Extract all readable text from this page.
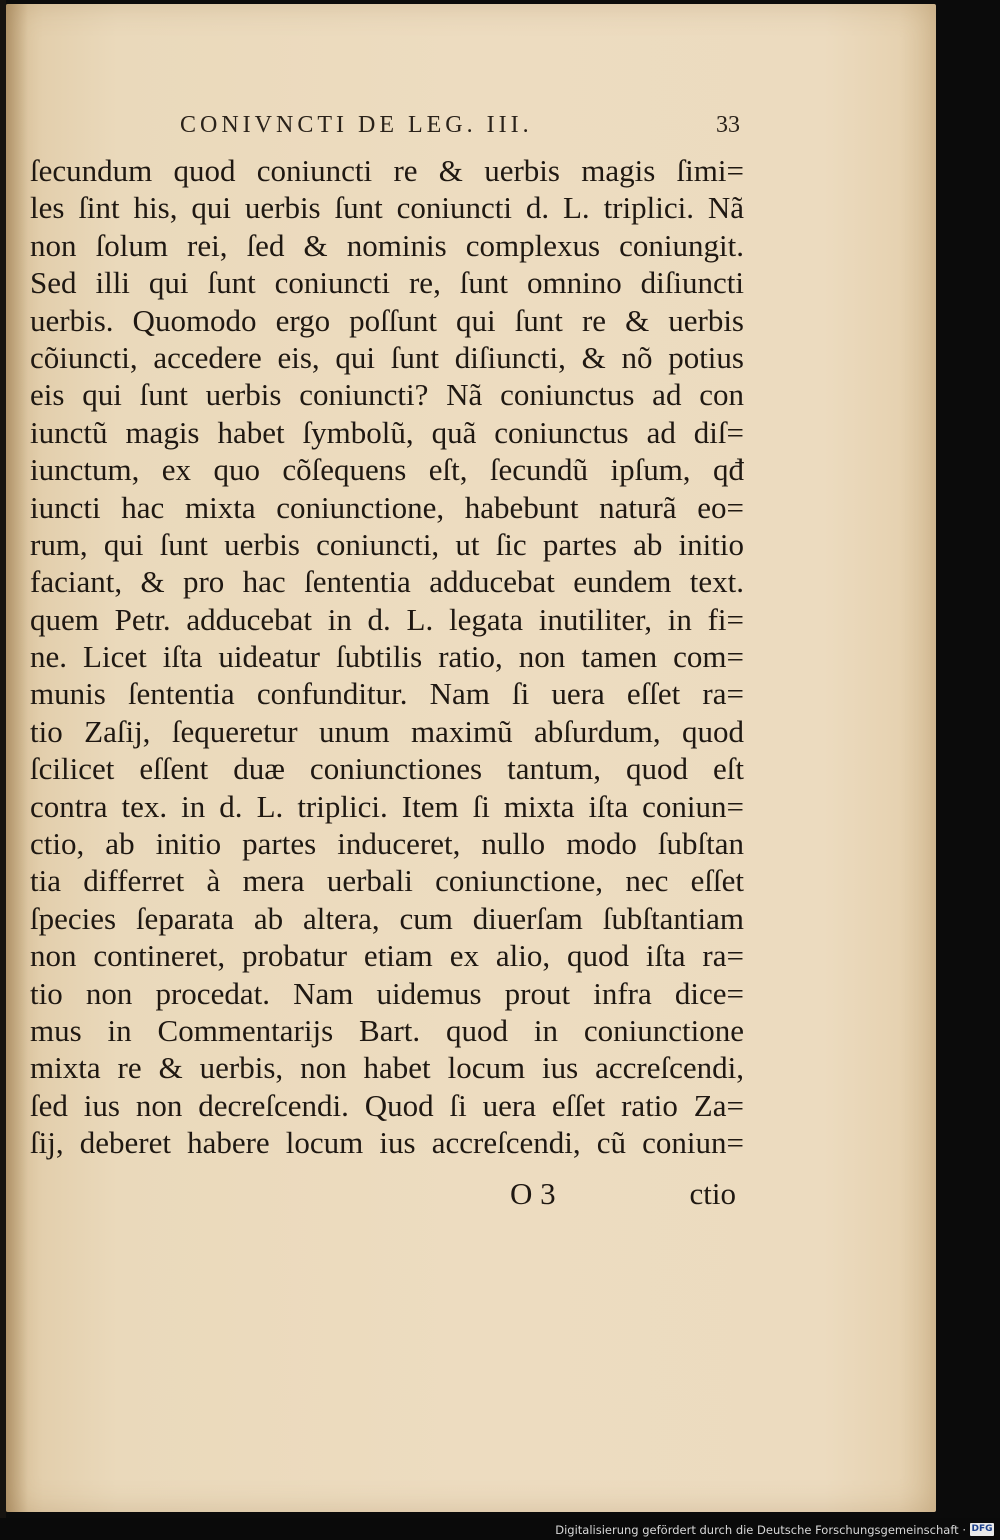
CONIVNCTI DE LEG. III.	33
ſecundum quod coniuncti re & uerbis magis ſimi=
les ſint his, qui uerbis ſunt coniuncti d. L. triplici. Nã
non ſolum rei, ſed & nominis complexus coniungit.
Sed illi qui ſunt coniuncti re, ſunt omnino diſiuncti
uerbis. Quomodo ergo poſſunt qui ſunt re & uerbis
cõiuncti, accedere eis, qui ſunt diſiuncti, & nõ potius
eis qui ſunt uerbis coniuncti? Nã coniunctus ad con
iunctũ magis habet ſymbolũ, quã coniunctus ad diſ=
iunctum, ex quo cõſequens eſt, ſecundũ ipſum, qđ
iuncti hac mixta coniunctione, habebunt naturã eo=
rum, qui ſunt uerbis coniuncti, ut ſic partes ab initio
faciant, & pro hac ſententia adducebat eundem text.
quem Petr. adducebat in d. L. legata inutiliter, in fi=
ne. Licet iſta uideatur ſubtilis ratio, non tamen com=
munis ſententia confunditur. Nam ſi uera eſſet ra=
tio Zaſij, ſequeretur unum maximũ abſurdum, quod
ſcilicet eſſent duæ coniunctiones tantum, quod eſt
contra tex. in d. L. triplici. Item ſi mixta iſta coniun=
ctio, ab initio partes induceret, nullo modo ſubſtan
tia differret à mera uerbali coniunctione, nec eſſet
ſpecies ſeparata ab altera, cum diuerſam ſubſtantiam
non contineret, probatur etiam ex alio, quod iſta ra=
tio non procedat. Nam uidemus prout infra dice=
mus in Commentarijs Bart. quod in coniunctione
mixta re & uerbis, non habet locum ius accreſcendi,
ſed ius non decreſcendi. Quod ſi uera eſſet ratio Za=
ſij, deberet habere locum ius accreſcendi, cũ coniun=
O 3	ctio
Digitalisierung gefördert durch die Deutsche Forschungsgemeinschaft · DFG
